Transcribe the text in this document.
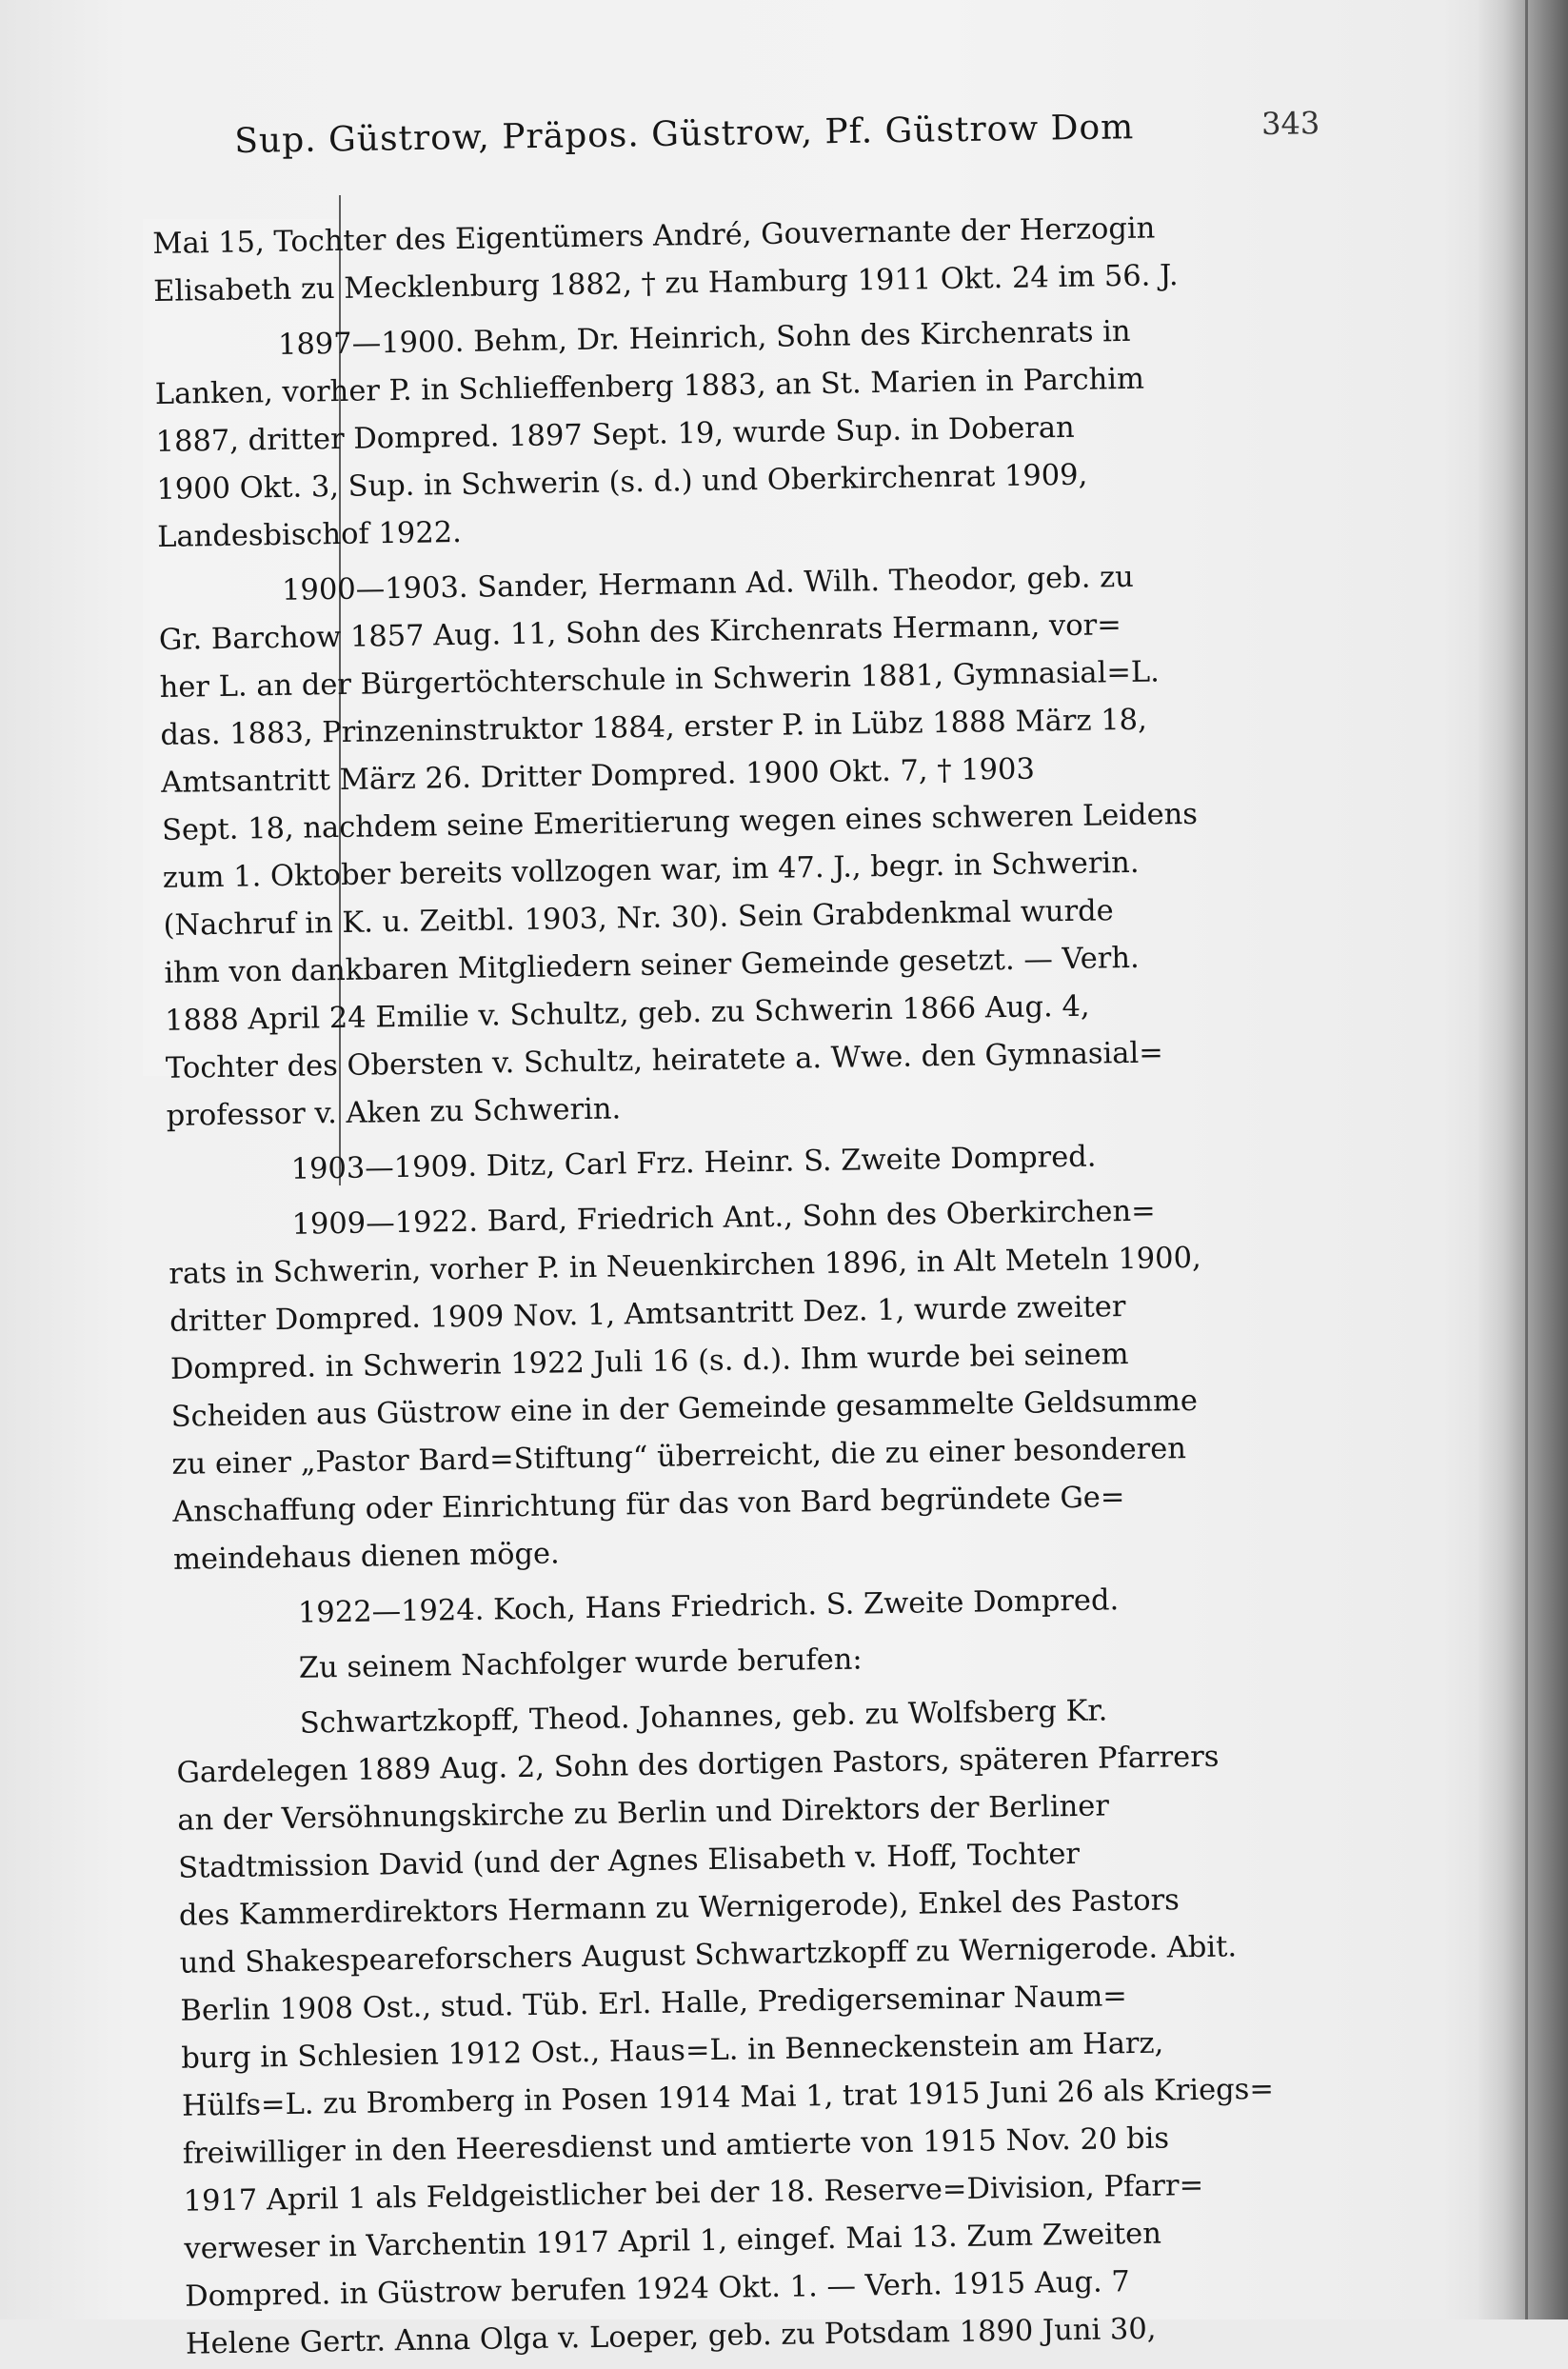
Sup. Güstrow, Präpos. Güstrow, Pf. Güstrow Dom	343
Mai 15, Tochter des Eigentümers André, Gouvernante der Herzogin
Elisabeth zu Mecklenburg 1882, † zu Hamburg 1911 Okt. 24 im 56. J.
1897—1900. Behm, Dr. Heinrich, Sohn des Kirchenrats in
Lanken, vorher P. in Schlieffenberg 1883, an St. Marien in Parchim
1887, dritter Dompred. 1897 Sept. 19, wurde Sup. in Doberan
1900 Okt. 3, Sup. in Schwerin (s. d.) und Oberkirchenrat 1909,
Landesbischof 1922.
1900—1903. Sander, Hermann Ad. Wilh. Theodor, geb. zu
Gr. Barchow 1857 Aug. 11, Sohn des Kirchenrats Hermann, vor=
her L. an der Bürgertöchterschule in Schwerin 1881, Gymnasial=L.
das. 1883, Prinzeninstruktor 1884, erster P. in Lübz 1888 März 18,
Amtsantritt März 26. Dritter Dompred. 1900 Okt. 7, † 1903
Sept. 18, nachdem seine Emeritierung wegen eines schweren Leidens
zum 1. Oktober bereits vollzogen war, im 47. J., begr. in Schwerin.
(Nachruf in K. u. Zeitbl. 1903, Nr. 30). Sein Grabdenkmal wurde
ihm von dankbaren Mitgliedern seiner Gemeinde gesetzt. — Verh.
1888 April 24 Emilie v. Schultz, geb. zu Schwerin 1866 Aug. 4,
Tochter des Obersten v. Schultz, heiratete a. Wwe. den Gymnasial=
professor v. Aken zu Schwerin.
1903—1909. Ditz, Carl Frz. Heinr. S. Zweite Dompred.
1909—1922. Bard, Friedrich Ant., Sohn des Oberkirchen=
rats in Schwerin, vorher P. in Neuenkirchen 1896, in Alt Meteln 1900,
dritter Dompred. 1909 Nov. 1, Amtsantritt Dez. 1, wurde zweiter
Dompred. in Schwerin 1922 Juli 16 (s. d.). Ihm wurde bei seinem
Scheiden aus Güstrow eine in der Gemeinde gesammelte Geldsumme
zu einer „Pastor Bard=Stiftung“ überreicht, die zu einer besonderen
Anschaffung oder Einrichtung für das von Bard begründete Ge=
meindehaus dienen möge.
1922—1924. Koch, Hans Friedrich. S. Zweite Dompred.
Zu seinem Nachfolger wurde berufen:
Schwartzkopff, Theod. Johannes, geb. zu Wolfsberg Kr.
Gardelegen 1889 Aug. 2, Sohn des dortigen Pastors, späteren Pfarrers
an der Versöhnungskirche zu Berlin und Direktors der Berliner
Stadtmission David (und der Agnes Elisabeth v. Hoff, Tochter
des Kammerdirektors Hermann zu Wernigerode), Enkel des Pastors
und Shakespeareforschers August Schwartzkopff zu Wernigerode. Abit.
Berlin 1908 Ost., stud. Tüb. Erl. Halle, Predigerseminar Naum=
burg in Schlesien 1912 Ost., Haus=L. in Benneckenstein am Harz,
Hülfs=L. zu Bromberg in Posen 1914 Mai 1, trat 1915 Juni 26 als Kriegs=
freiwilliger in den Heeresdienst und amtierte von 1915 Nov. 20 bis
1917 April 1 als Feldgeistlicher bei der 18. Reserve=Division, Pfarr=
verweser in Varchentin 1917 April 1, eingef. Mai 13. Zum Zweiten
Dompred. in Güstrow berufen 1924 Okt. 1. — Verh. 1915 Aug. 7
Helene Gertr. Anna Olga v. Loeper, geb. zu Potsdam 1890 Juni 30,
